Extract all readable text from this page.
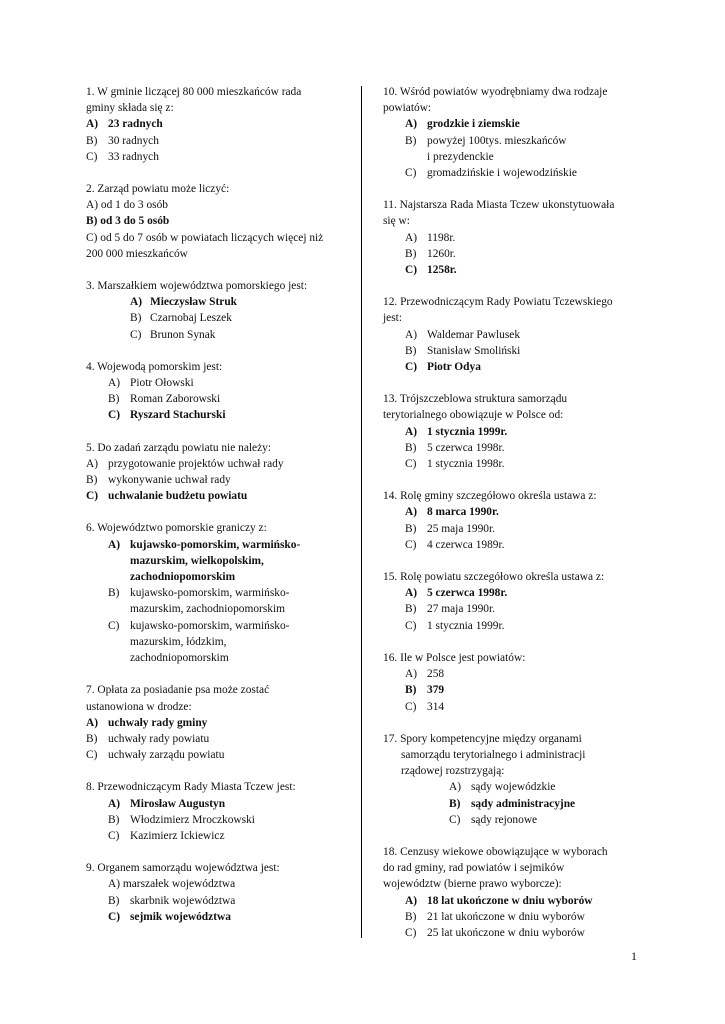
1. W gminie liczącej 80 000 mieszkańców rada
gminy składa się z:
A) 23 radnych
B) 30 radnych
C) 33 radnych
2. Zarząd powiatu może liczyć:
A) od 1 do 3 osób
B) od 3 do 5 osób
C) od 5 do 7 osób w powiatach liczących więcej niż
200 000 mieszkańców
3. Marszałkiem województwa pomorskiego jest:
A) Mieczysław Struk
B) Czarnobaj Leszek
C) Brunon Synak
4. Wojewodą pomorskim jest:
A) Piotr Ołowski
B) Roman Zaborowski
C) Ryszard Stachurski
5. Do zadań zarządu powiatu nie należy:
A) przygotowanie projektów uchwał rady
B) wykonywanie uchwał rady
C) uchwalanie budżetu powiatu
6. Województwo pomorskie graniczy z:
A) kujawsko-pomorskim, warmińsko-
mazurskim, wielkopolskim,
zachodniopomorskim
B) kujawsko-pomorskim, warmińsko-
mazurskim, zachodniopomorskim
C) kujawsko-pomorskim, warmińsko-
mazurskim, łódzkim,
zachodniopomorskim
7. Opłata za posiadanie psa może zostać
ustanowiona w drodze:
A) uchwały rady gminy
B) uchwały rady powiatu
C) uchwały zarządu powiatu
8. Przewodniczącym Rady Miasta Tczew jest:
A) Mirosław Augustyn
B) Włodzimierz Mroczkowski
C) Kazimierz Ickiewicz
9. Organem samorządu województwa jest:
A) marszałek województwa
B) skarbnik województwa
C) sejmik województwa
10. Wśród powiatów wyodrębniamy dwa rodzaje
powiatów:
A) grodzkie i ziemskie
B) powyżej 100tys. mieszkańców
i prezydenckie
C) gromadzińskie i wojewodzińskie
11. Najstarsza Rada Miasta Tczew ukonstytuowała
się w:
A) 1198r.
B) 1260r.
C) 1258r.
12. Przewodniczącym Rady Powiatu Tczewskiego
jest:
A) Waldemar Pawlusek
B) Stanisław Smoliński
C) Piotr Odya
13. Trójszczeblowa struktura samorządu
terytorialnego obowiązuje w Polsce od:
A) 1 stycznia 1999r.
B) 5 czerwca 1998r.
C) 1 stycznia 1998r.
14. Rolę gminy szczegółowo określa ustawa z:
A) 8 marca 1990r.
B) 25 maja 1990r.
C) 4 czerwca 1989r.
15. Rolę powiatu szczegółowo określa ustawa z:
A) 5 czerwca 1998r.
B) 27 maja 1990r.
C) 1 stycznia 1999r.
16. Ile w Polsce jest powiatów:
A) 258
B) 379
C) 314
17. Spory kompetencyjne między organami
samorządu terytorialnego i administracji
rządowej rozstrzygają:
A) sądy wojewódzkie
B) sądy administracyjne
C) sądy rejonowe
18. Cenzusy wiekowe obowiązujące w wyborach
do rad gminy, rad powiatów i sejmików
województw (bierne prawo wyborcze):
A) 18 lat ukończone w dniu wyborów
B) 21 lat ukończone w dniu wyborów
C) 25 lat ukończone w dniu wyborów
1
